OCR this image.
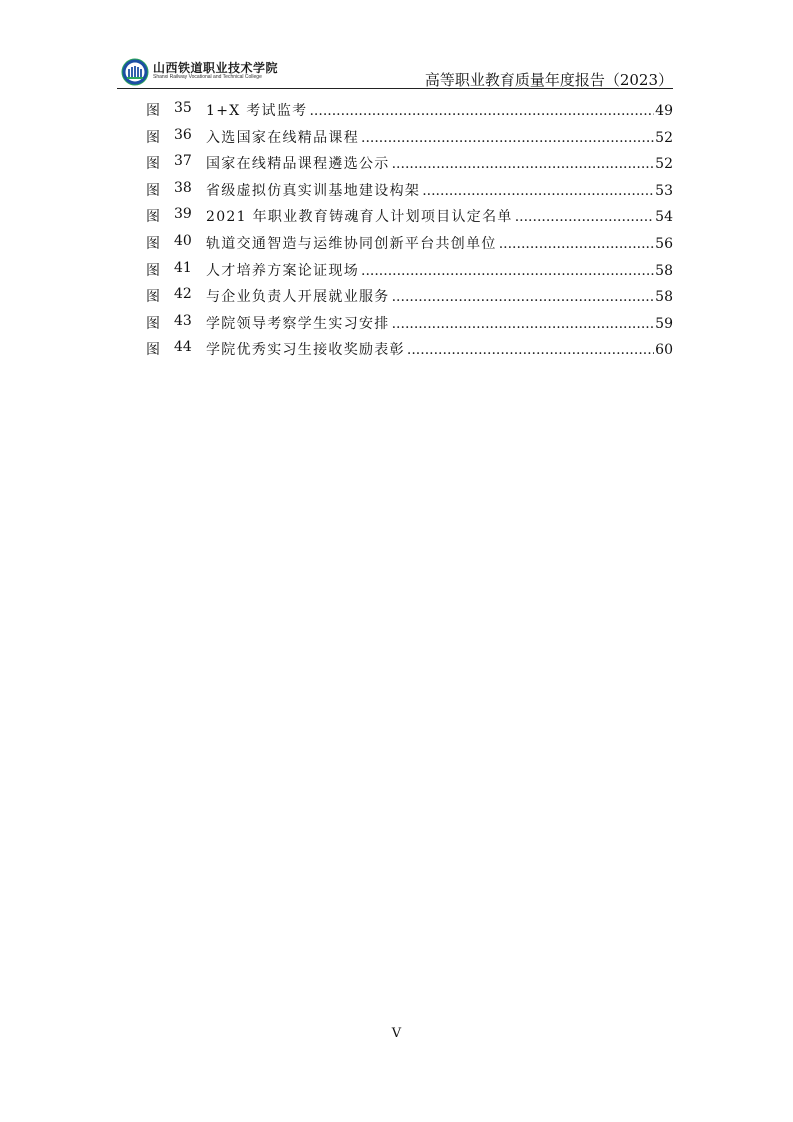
山西铁道职业技术学院
Shanxi Railway Vocational and Technical College	高等职业教育质量年度报告（2023）
图	35	1+X 考试监考 .....	49
图	36	入选国家在线精品课程 .....	52
图	37	国家在线精品课程遴选公示 .....	52
图	38	省级虚拟仿真实训基地建设构架 .....	53
图	39	2021 年职业教育铸魂育人计划项目认定名单 .....	54
图	40	轨道交通智造与运维协同创新平台共创单位 .....	56
图	41	人才培养方案论证现场 .....	58
图	42	与企业负责人开展就业服务 .....	58
图	43	学院领导考察学生实习安排 .....	59
图	44	学院优秀实习生接收奖励表彰 .....	60
V
